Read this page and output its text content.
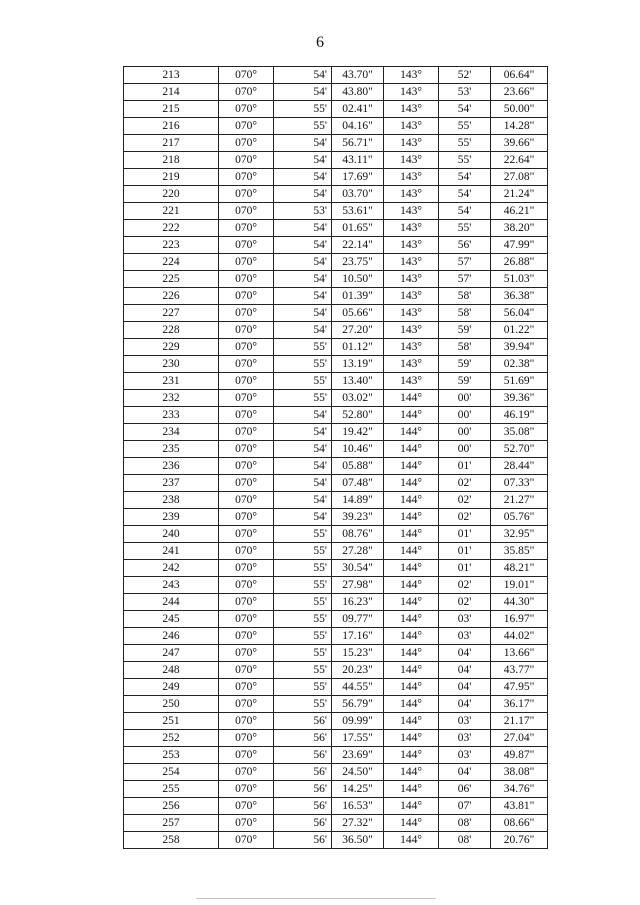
6
213	070°	54'	43.70"	143°	52'	06.64"
214	070°	54'	43.80"	143°	53'	23.66"
215	070°	55'	02.41"	143°	54'	50.00"
216	070°	55'	04.16"	143°	55'	14.28"
217	070°	54'	56.71"	143°	55'	39.66"
218	070°	54'	43.11"	143°	55'	22.64"
219	070°	54'	17.69"	143°	54'	27.08"
220	070°	54'	03.70"	143°	54'	21.24"
221	070°	53'	53.61"	143°	54'	46.21"
222	070°	54'	01.65"	143°	55'	38.20"
223	070°	54'	22.14"	143°	56'	47.99"
224	070°	54'	23.75"	143°	57'	26.88"
225	070°	54'	10.50"	143°	57'	51.03"
226	070°	54'	01.39"	143°	58'	36.38"
227	070°	54'	05.66"	143°	58'	56.04"
228	070°	54'	27.20"	143°	59'	01.22"
229	070°	55'	01.12"	143°	58'	39.94"
230	070°	55'	13.19"	143°	59'	02.38"
231	070°	55'	13.40"	143°	59'	51.69"
232	070°	55'	03.02"	144°	00'	39.36"
233	070°	54'	52.80"	144°	00'	46.19"
234	070°	54'	19.42"	144°	00'	35.08"
235	070°	54'	10.46"	144°	00'	52.70"
236	070°	54'	05.88"	144°	01'	28.44"
237	070°	54'	07.48"	144°	02'	07.33"
238	070°	54'	14.89"	144°	02'	21.27"
239	070°	54'	39.23"	144°	02'	05.76"
240	070°	55'	08.76"	144°	01'	32.95"
241	070°	55'	27.28"	144°	01'	35.85"
242	070°	55'	30.54"	144°	01'	48.21"
243	070°	55'	27.98"	144°	02'	19.01"
244	070°	55'	16.23"	144°	02'	44.30"
245	070°	55'	09.77"	144°	03'	16.97"
246	070°	55'	17.16"	144°	03'	44.02"
247	070°	55'	15.23"	144°	04'	13.66"
248	070°	55'	20.23"	144°	04'	43.77"
249	070°	55'	44.55"	144°	04'	47.95"
250	070°	55'	56.79"	144°	04'	36.17"
251	070°	56'	09.99"	144°	03'	21.17"
252	070°	56'	17.55"	144°	03'	27.04"
253	070°	56'	23.69"	144°	03'	49.87"
254	070°	56'	24.50"	144°	04'	38.08"
255	070°	56'	14.25"	144°	06'	34.76"
256	070°	56'	16.53"	144°	07'	43.81"
257	070°	56'	27.32"	144°	08'	08.66"
258	070°	56'	36.50"	144°	08'	20.76"
